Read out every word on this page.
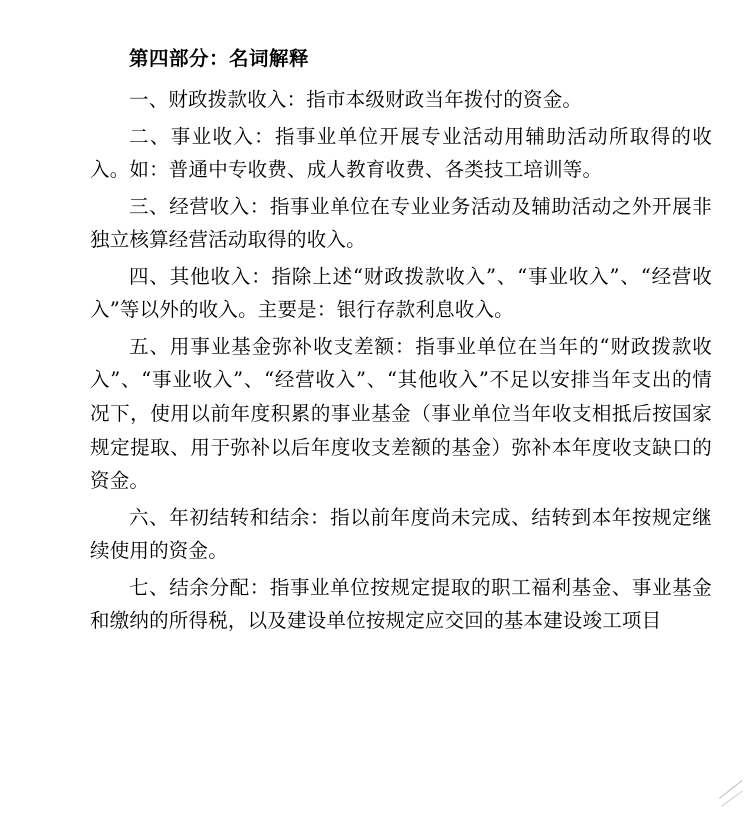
第四部分：名词解释

一、财政拨款收入：指市本级财政当年拨付的资金。

二、事业收入：指事业单位开展专业活动用辅助活动所取得的收入。如：普通中专收费、成人教育收费、各类技工培训等。

三、经营收入：指事业单位在专业业务活动及辅助活动之外开展非独立核算经营活动取得的收入。

四、其他收入：指除上述“财政拨款收入”、“事业收入”、“经营收入”等以外的收入。主要是：银行存款利息收入。

五、用事业基金弥补收支差额：指事业单位在当年的“财政拨款收入”、“事业收入”、“经营收入”、“其他收入”不足以安排当年支出的情况下，使用以前年度积累的事业基金（事业单位当年收支相抵后按国家规定提取、用于弥补以后年度收支差额的基金）弥补本年度收支缺口的资金。

六、年初结转和结余：指以前年度尚未完成、结转到本年按规定继续使用的资金。

七、结余分配：指事业单位按规定提取的职工福利基金、事业基金和缴纳的所得税，以及建设单位按规定应交回的基本建设竣工项目
